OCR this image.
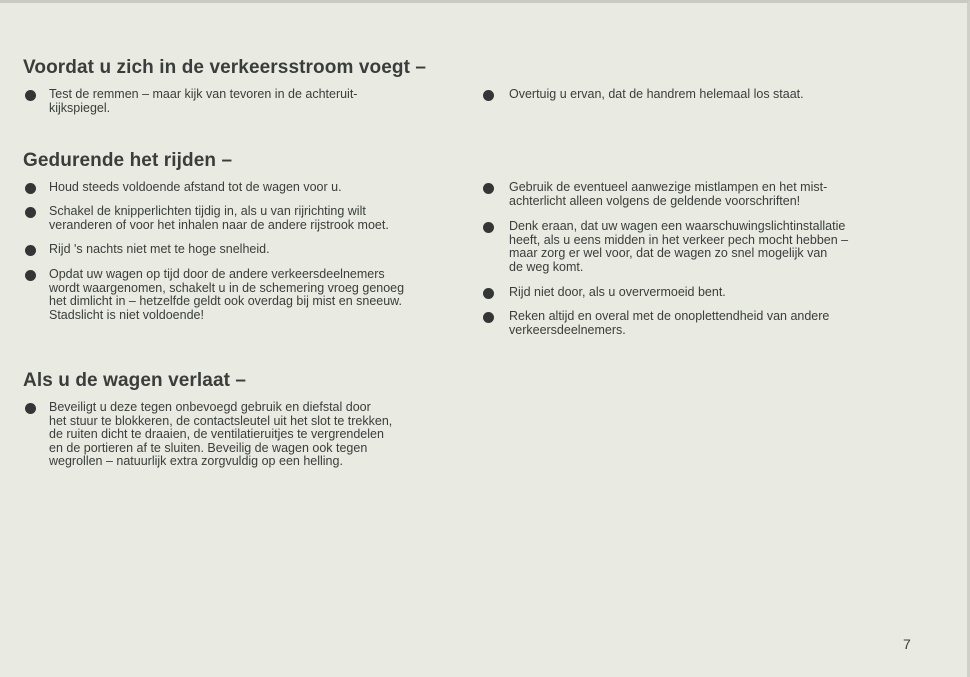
Voordat u zich in de verkeersstroom voegt –
Test de remmen – maar kijk van tevoren in de achteruit-
kijkspiegel.
Overtuig u ervan, dat de handrem helemaal los staat.
Gedurende het rijden –
Houd steeds voldoende afstand tot de wagen voor u.
Schakel de knipperlichten tijdig in, als u van rijrichting wilt
veranderen of voor het inhalen naar de andere rijstrook moet.
Rijd 's nachts niet met te hoge snelheid.
Opdat uw wagen op tijd door de andere verkeersdeelnemers
wordt waargenomen, schakelt u in de schemering vroeg genoeg
het dimlicht in – hetzelfde geldt ook overdag bij mist en sneeuw.
Stadslicht is niet voldoende!
Gebruik de eventueel aanwezige mistlampen en het mist-
achterlicht alleen volgens de geldende voorschriften!
Denk eraan, dat uw wagen een waarschuwingslichtinstallatie
heeft, als u eens midden in het verkeer pech mocht hebben –
maar zorg er wel voor, dat de wagen zo snel mogelijk van
de weg komt.
Rijd niet door, als u oververmoeid bent.
Reken altijd en overal met de onoplettendheid van andere
verkeersdeelnemers.
Als u de wagen verlaat –
Beveiligt u deze tegen onbevoegd gebruik en diefstal door
het stuur te blokkeren, de contactsleutel uit het slot te trekken,
de ruiten dicht te draaien, de ventilatieruitjes te vergrendelen
en de portieren af te sluiten. Beveilig de wagen ook tegen
wegrollen – natuurlijk extra zorgvuldig op een helling.
7
